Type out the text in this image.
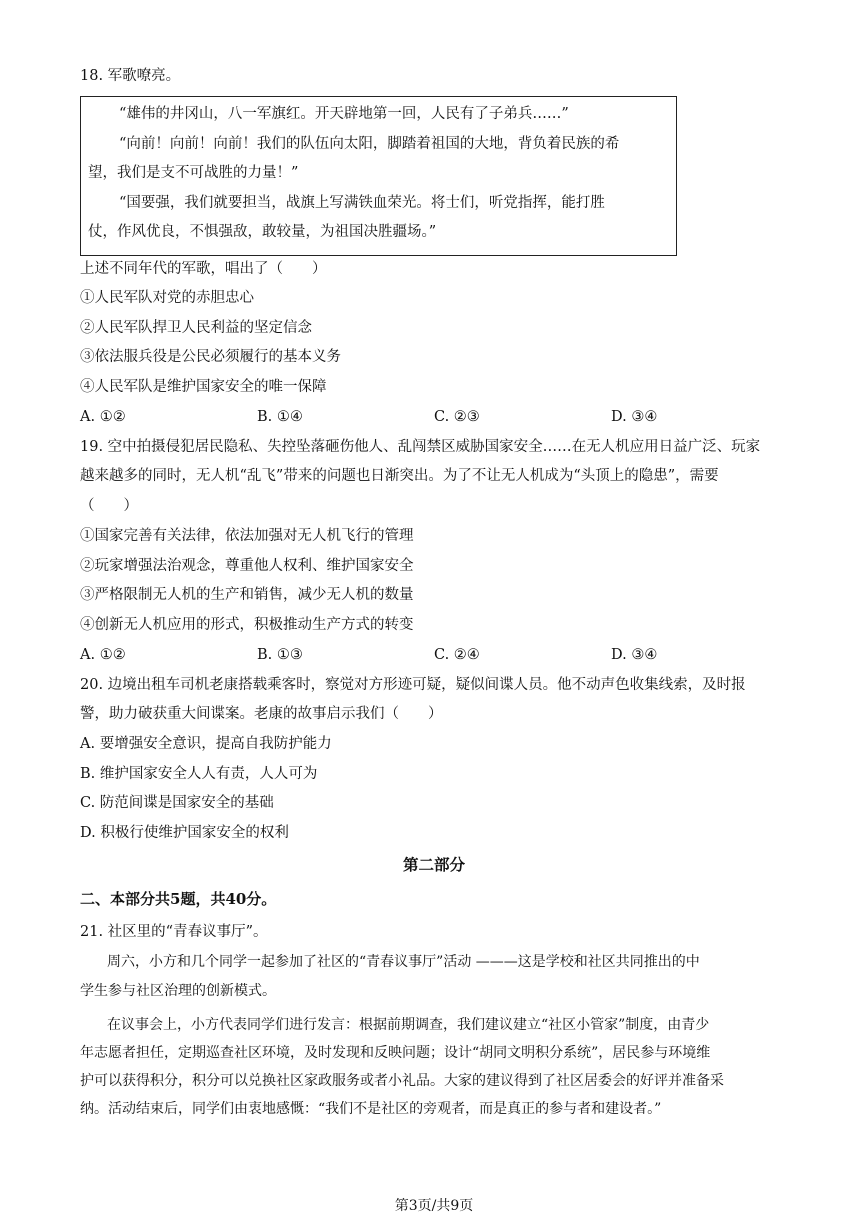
18. 军歌嘹亮。
“雄伟的井冈山，八一军旗红。开天辟地第一回，人民有了子弟兵……”
“向前！向前！向前！我们的队伍向太阳，脚踏着祖国的大地，背负着民族的希
望，我们是支不可战胜的力量！”
“国要强，我们就要担当，战旗上写满铁血荣光。将士们，听党指挥，能打胜
仗，作风优良，不惧强敌，敢较量，为祖国决胜疆场。”
上述不同年代的军歌，唱出了（　　）
①人民军队对党的赤胆忠心
②人民军队捍卫人民利益的坚定信念
③依法服兵役是公民必须履行的基本义务
④人民军队是维护国家安全的唯一保障
A. ①②	B. ①④	C. ②③	D. ③④
19. 空中拍摄侵犯居民隐私、失控坠落砸伤他人、乱闯禁区威胁国家安全……在无人机应用日益广泛、玩家
越来越多的同时，无人机“乱飞”带来的问题也日渐突出。为了不让无人机成为“头顶上的隐患”，需要
（　　）
①国家完善有关法律，依法加强对无人机飞行的管理
②玩家增强法治观念，尊重他人权利、维护国家安全
③严格限制无人机的生产和销售，减少无人机的数量
④创新无人机应用的形式，积极推动生产方式的转变
A. ①②	B. ①③	C. ②④	D. ③④
20. 边境出租车司机老康搭载乘客时，察觉对方形迹可疑，疑似间谍人员。他不动声色收集线索，及时报
警，助力破获重大间谍案。老康的故事启示我们（　　）
A. 要增强安全意识，提高自我防护能力
B. 维护国家安全人人有责，人人可为
C. 防范间谍是国家安全的基础
D. 积极行使维护国家安全的权利
第二部分
二、本部分共5题，共40分。
21. 社区里的“青春议事厅”。
周六，小方和几个同学一起参加了社区的“青春议事厅”活动 ———这是学校和社区共同推出的中
学生参与社区治理的创新模式。
在议事会上，小方代表同学们进行发言：根据前期调查，我们建议建立“社区小管家”制度，由青少
年志愿者担任，定期巡查社区环境，及时发现和反映问题；设计“胡同文明积分系统”，居民参与环境维
护可以获得积分，积分可以兑换社区家政服务或者小礼品。大家的建议得到了社区居委会的好评并准备采
纳。活动结束后，同学们由衷地感慨：“我们不是社区的旁观者，而是真正的参与者和建设者。”
第3页/共9页
